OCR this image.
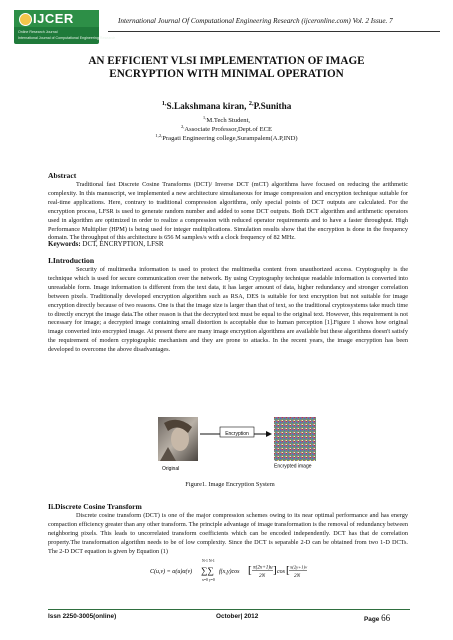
IJCER
Online Research Journal
International Journal of Computational Engineering Research
International Journal Of Computational Engineering Research (ijceronline.com) Vol. 2 Issue. 7
AN EFFICIENT VLSI IMPLEMENTATION OF IMAGE
ENCRYPTION WITH MINIMAL OPERATION
$^{1,}$S.Lakshmana kiran, $^{2,}$P.Sunitha
$^{1,}$M.Tech Student,
$^{2,}$Associate Professor,Dept.of ECE
$^{1,2,}$Pragati Engineering college,Surampalem(A.P,IND)
Abstract
Traditional fast Discrete Cosine Transforms (DCT)/ Inverse DCT (mCT) algorithms have focused on reducing the arithmetic complexity. In this manuscript, we implemented a new architecture simultaneous for image compression and encryption technique suitable for real-time applications. Here, contrary to traditional compression algorithms, only special points of DCT outputs are calculated. For the encryption process, LFSR is used to generate random number and added to some DCT outputs. Both DCT algorithm and arithmetic operators used in algorithm are optimized in order to realize a compression with reduced operator requirements and to have a faster throughput. High Performance Multiplier (HPM) is being used for integer multiplications. Simulation results show that the encryption is done in the frequency domain. The throughput of this architecture is 656 M samples/s with a clock frequency of 82 MHz.
Keywords: DCT, ENCRYPTION, LFSR
I.Introduction
Security of multimedia information is used to protect the multimedia content from unauthorized access. Cryptography is the technique which is used for secure communication over the network. By using Cryptography technique readable information is converted into unreadable form. Image information is different from the text data, it has larger amount of data, higher redundancy and stronger correlation between pixels. Traditionally developed encryption algorithm such as RSA, DES is suitable for text encryption but not suitable for image encryption directly because of two reasons. One is that the image size is larger than that of text, so the traditional cryptosystems take much time to directly encrypt the image data.The other reason is that the decrypted text must be equal to the original text. However, this requirement is not necessary for image; a decrypted image containing small distortion is acceptable due to human perception [1].Figure 1 shows how original image converted into encrypted image. At present there are many image encryption algorithms are available but these algorithms doesn't satisfy the requirement of modern cryptographic mechanism and they are prone to attacks. In the recent years, the image encryption has been developed to overcome the above disadvantages.
Encryption
Original	Encrypted image
Figure1. Image Encryption System
Ii.Discrete Cosine Transform
Discrete cosine transform (DCT) is one of the major compression schemes owing to its near optimal performance and has energy compaction efficiency greater than any other transform. The principle advantage of image transformation is the removal of redundancy between neighboring pixels. This leads to uncorrelated transform coefficients which can be encoded independently. DCT has that de correlation property.The transformation algorithm needs to be of low complexity. Since the DCT is separable 2-D can be obtained from two 1-D DCTs. The 2-D DCT equation is given by Equation (1)
C(u,v) = α(u)α(v)
N-1 N-1
∑∑
x=0 y=0
f(x,y)cos [ π(2x+1)u
2N ] cos [ π(2y+1)v
2N
Issn 2250-3005(online)	October| 2012	Page 66
